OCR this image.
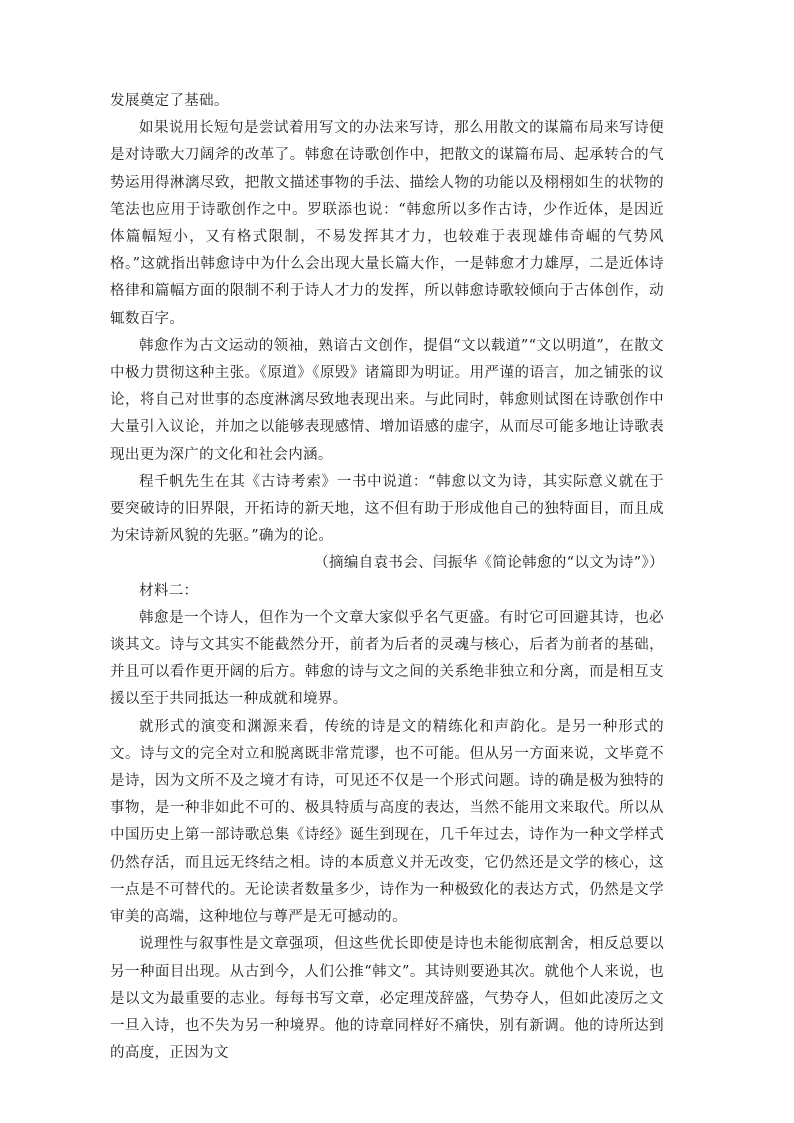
发展奠定了基础。

如果说用长短句是尝试着用写文的办法来写诗，那么用散文的谋篇布局来写诗便是对诗歌大刀阔斧的改革了。韩愈在诗歌创作中，把散文的谋篇布局、起承转合的气势运用得淋漓尽致，把散文描述事物的手法、描绘人物的功能以及栩栩如生的状物的笔法也应用于诗歌创作之中。罗联添也说：“韩愈所以多作古诗，少作近体，是因近体篇幅短小，又有格式限制，不易发挥其才力，也较难于表现雄伟奇崛的气势风格。”这就指出韩愈诗中为什么会出现大量长篇大作，一是韩愈才力雄厚，二是近体诗格律和篇幅方面的限制不利于诗人才力的发挥，所以韩愈诗歌较倾向于古体创作，动辄数百字。

韩愈作为古文运动的领袖，熟谙古文创作，提倡“文以载道”“文以明道”，在散文中极力贯彻这种主张。《原道》《原毁》诸篇即为明证。用严谨的语言，加之铺张的议论，将自己对世事的态度淋漓尽致地表现出来。与此同时，韩愈则试图在诗歌创作中大量引入议论，并加之以能够表现感情、增加语感的虚字，从而尽可能多地让诗歌表现出更为深广的文化和社会内涵。

程千帆先生在其《古诗考索》一书中说道：“韩愈以文为诗，其实际意义就在于要突破诗的旧界限，开拓诗的新天地，这不但有助于形成他自己的独特面目，而且成为宋诗新风貌的先驱。”确为的论。

（摘编自袁书会、闫振华《简论韩愈的“以文为诗”》）

材料二：

韩愈是一个诗人，但作为一个文章大家似乎名气更盛。有时它可回避其诗，也必谈其文。诗与文其实不能截然分开，前者为后者的灵魂与核心，后者为前者的基础，并且可以看作更开阔的后方。韩愈的诗与文之间的关系绝非独立和分离，而是相互支援以至于共同抵达一种成就和境界。

就形式的演变和渊源来看，传统的诗是文的精练化和声韵化。是另一种形式的文。诗与文的完全对立和脱离既非常荒谬，也不可能。但从另一方面来说，文毕竟不是诗，因为文所不及之境才有诗，可见还不仅是一个形式问题。诗的确是极为独特的事物，是一种非如此不可的、极具特质与高度的表达，当然不能用文来取代。所以从中国历史上第一部诗歌总集《诗经》诞生到现在，几千年过去，诗作为一种文学样式仍然存活，而且远无终结之相。诗的本质意义并无改变，它仍然还是文学的核心，这一点是不可替代的。无论读者数量多少，诗作为一种极致化的表达方式，仍然是文学审美的高端，这种地位与尊严是无可撼动的。

说理性与叙事性是文章强项，但这些优长即使是诗也未能彻底割舍，相反总要以另一种面目出现。从古到今，人们公推“韩文”。其诗则要逊其次。就他个人来说，也是以文为最重要的志业。每每书写文章，必定理茂辞盛，气势夺人，但如此凌厉之文一旦入诗，也不失为另一种境界。他的诗章同样好不痛快，别有新调。他的诗所达到的高度，正因为文
